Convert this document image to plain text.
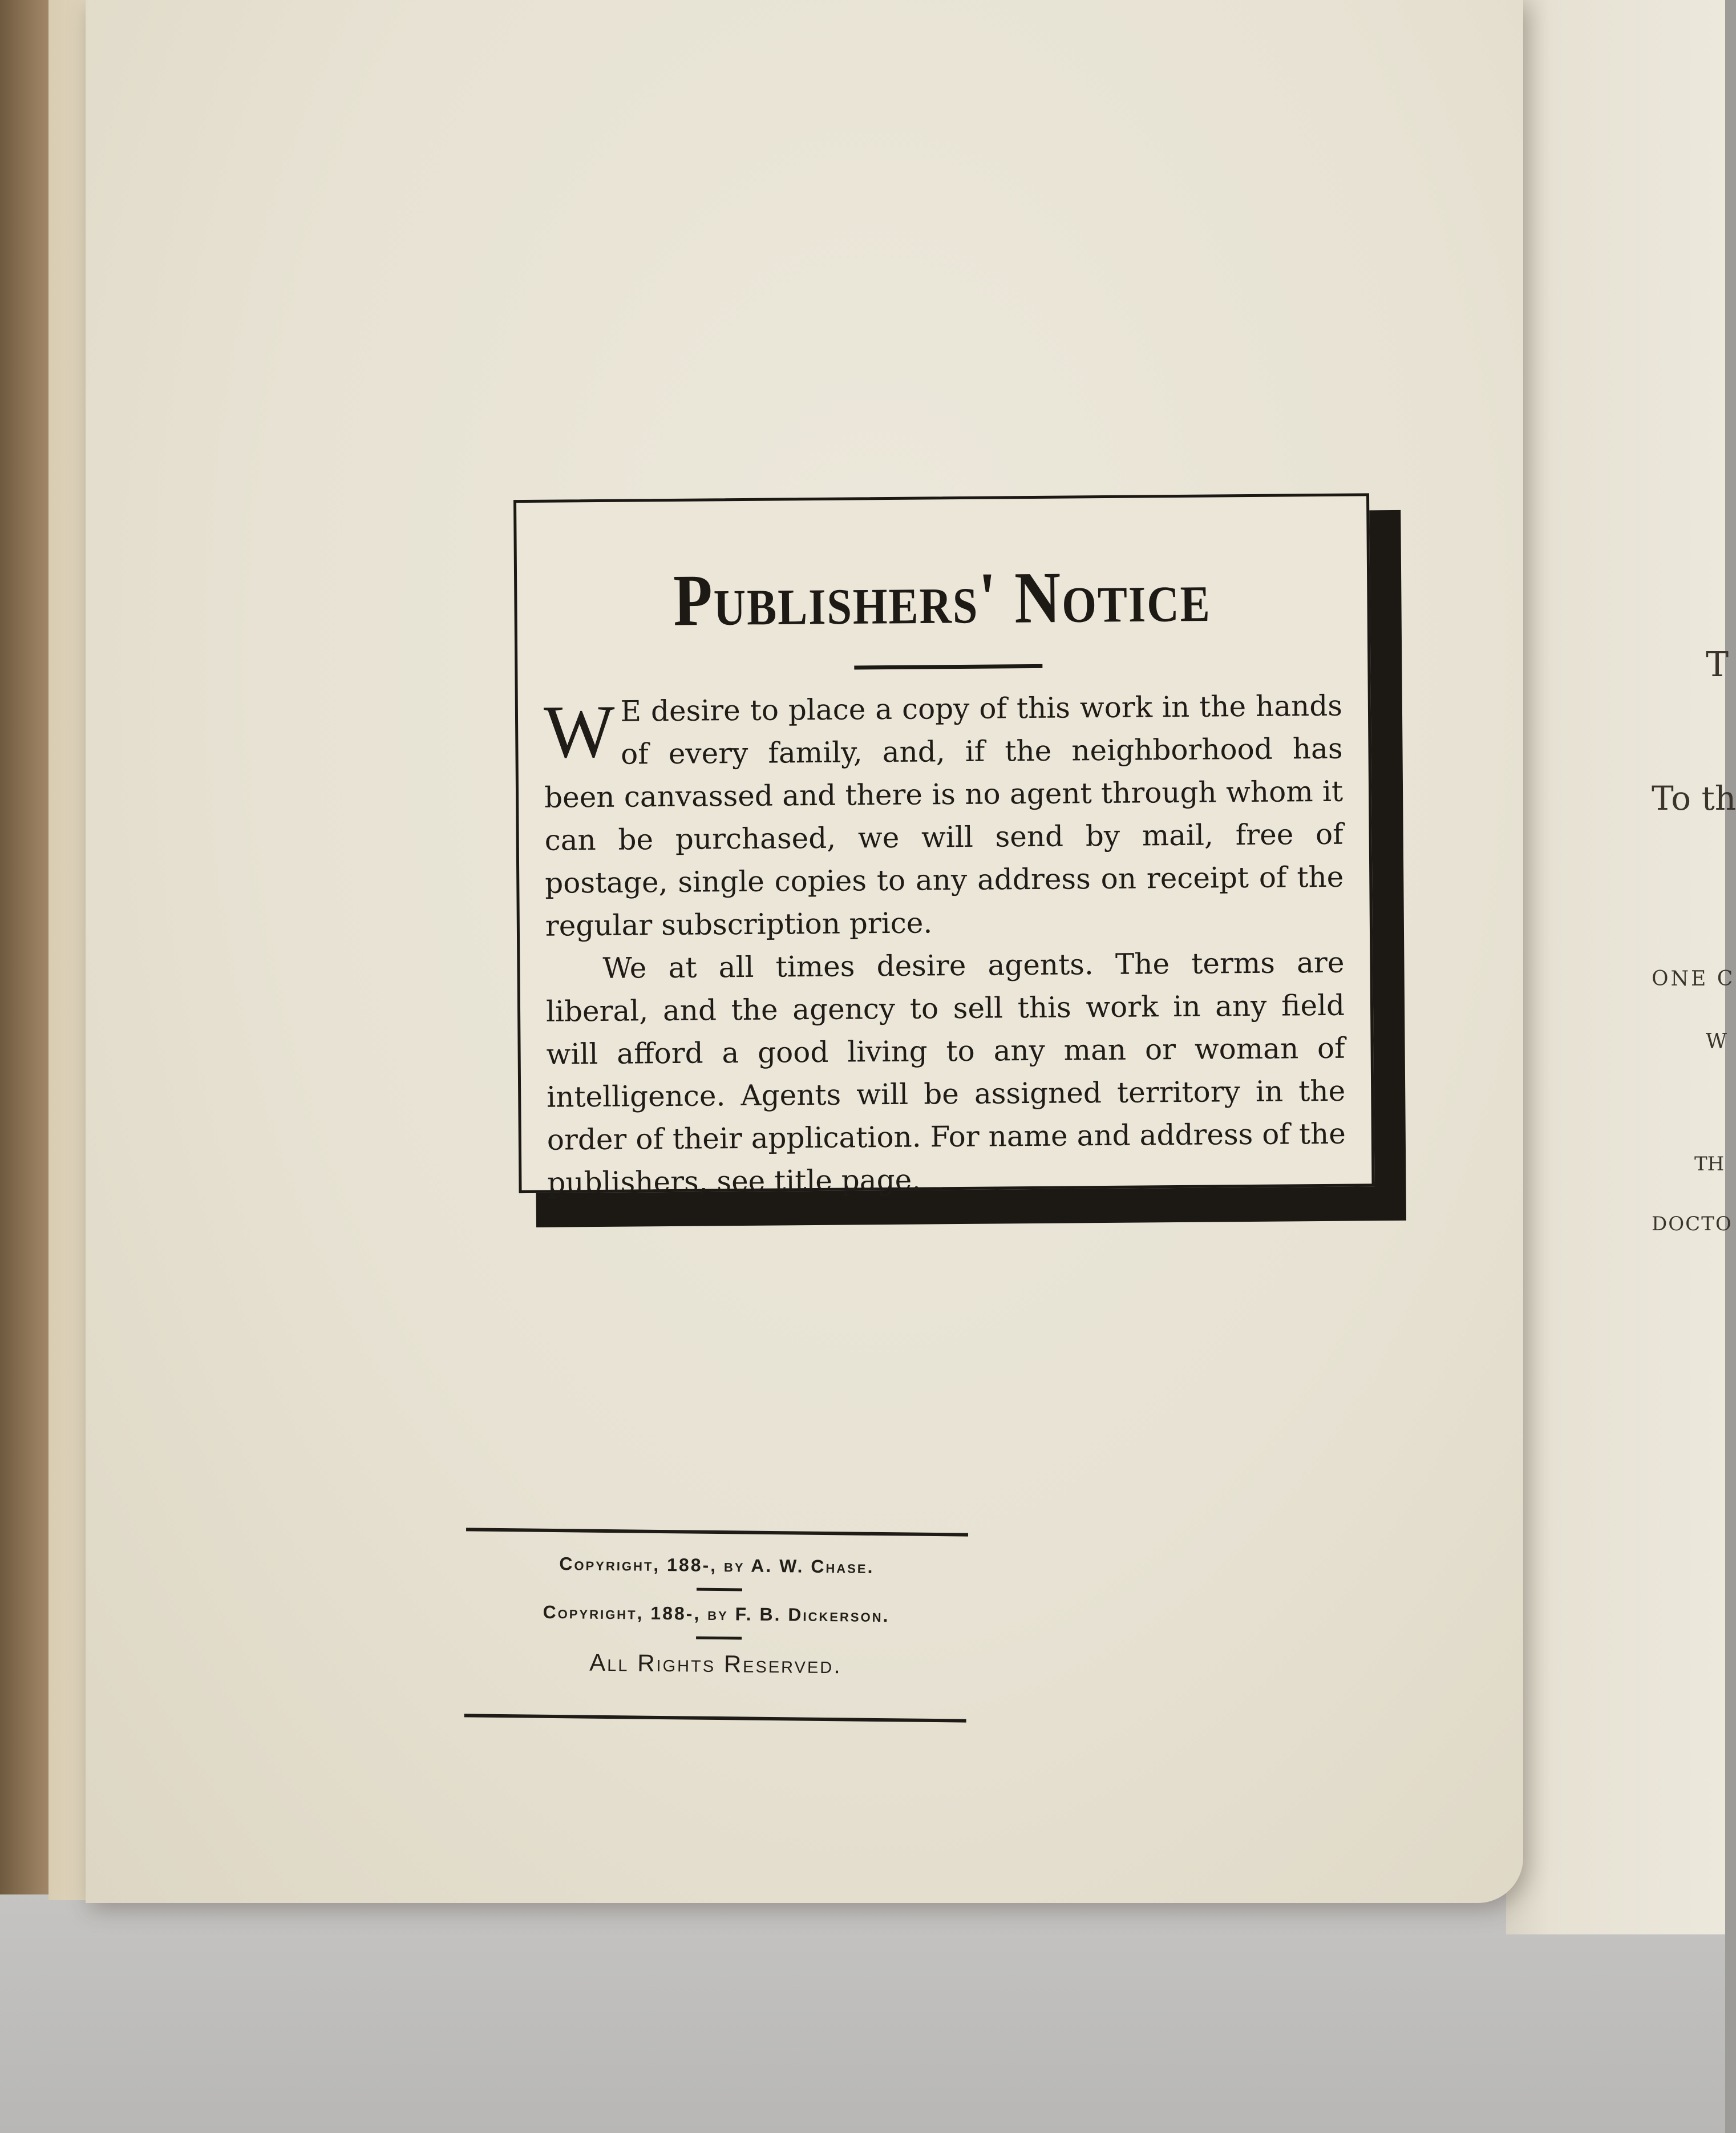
T
To th
ONE C
W
TH
DOCTO
Publishers' Notice

W E desire to place a copy of this work in the hands of every family, and, if the neighborhood has been canvassed and there is no agent through whom it can be purchased, we will send by mail, free of postage, single copies to any address on receipt of the regular subscription price.

We at all times desire agents. The terms are liberal, and the agency to sell this work in any field will afford a good living to any man or woman of intelligence. Agents will be assigned territory in the order of their application. For name and address of the publishers, see title page.

Copyright, 188-, by A. W. Chase.
Copyright, 188-, by F. B. Dickerson.
All Rights Reserved.
